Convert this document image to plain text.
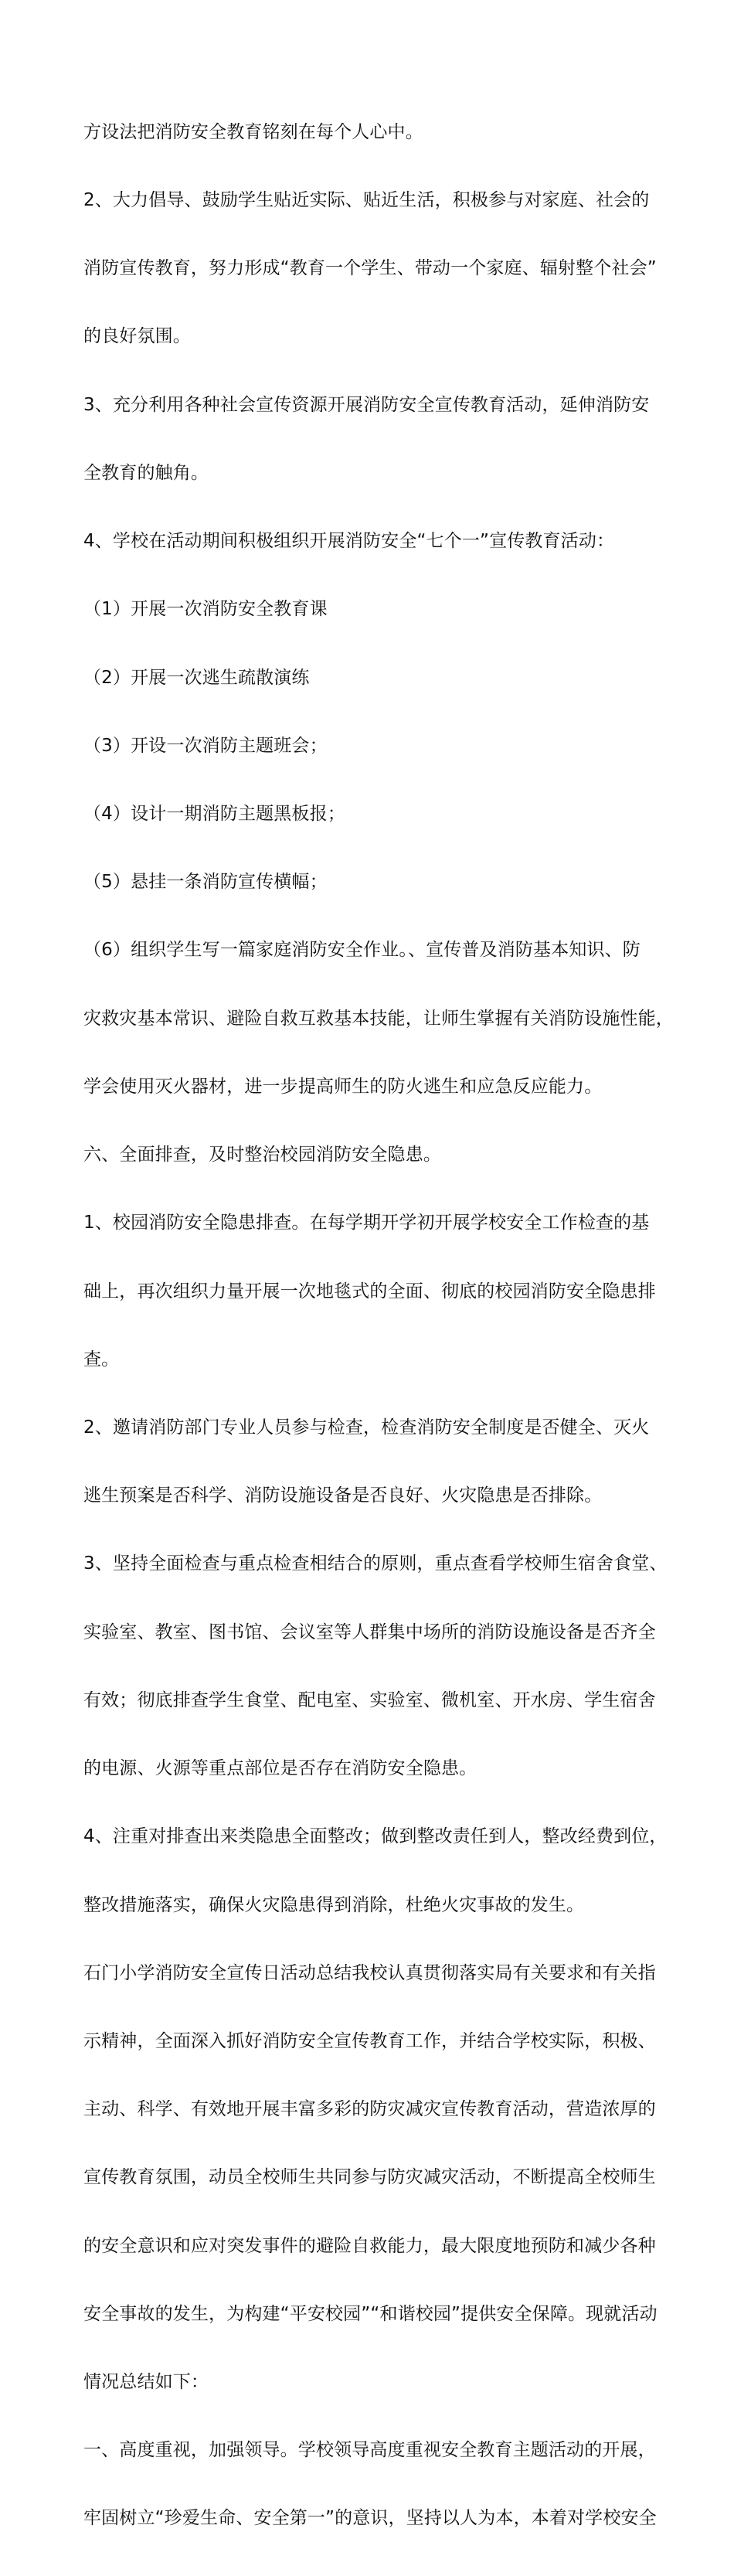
方设法把消防安全教育铭刻在每个人心中。

2、大力倡导、鼓励学生贴近实际、贴近生活，积极参与对家庭、社会的

消防宣传教育，努力形成“教育一个学生、带动一个家庭、辐射整个社会”

的良好氛围。

3、充分利用各种社会宣传资源开展消防安全宣传教育活动，延伸消防安

全教育的触角。

4、学校在活动期间积极组织开展消防安全“七个一”宣传教育活动：

（1）开展一次消防安全教育课

（2）开展一次逃生疏散演练

（3）开设一次消防主题班会；

（4）设计一期消防主题黑板报；

（5）悬挂一条消防宣传横幅；

（6）组织学生写一篇家庭消防安全作业。、宣传普及消防基本知识、防

灾救灾基本常识、避险自救互救基本技能，让师生掌握有关消防设施性能，

学会使用灭火器材，进一步提高师生的防火逃生和应急反应能力。

六、全面排查，及时整治校园消防安全隐患。

1、校园消防安全隐患排查。在每学期开学初开展学校安全工作检查的基

础上，再次组织力量开展一次地毯式的全面、彻底的校园消防安全隐患排

查。

2、邀请消防部门专业人员参与检查，检查消防安全制度是否健全、灭火

逃生预案是否科学、消防设施设备是否良好、火灾隐患是否排除。

3、坚持全面检查与重点检查相结合的原则，重点查看学校师生宿舍食堂、

实验室、教室、图书馆、会议室等人群集中场所的消防设施设备是否齐全

有效；彻底排查学生食堂、配电室、实验室、微机室、开水房、学生宿舍

的电源、火源等重点部位是否存在消防安全隐患。

4、注重对排查出来类隐患全面整改；做到整改责任到人，整改经费到位，

整改措施落实，确保火灾隐患得到消除，杜绝火灾事故的发生。

石门小学消防安全宣传日活动总结我校认真贯彻落实局有关要求和有关指

示精神，全面深入抓好消防安全宣传教育工作，并结合学校实际，积极、

主动、科学、有效地开展丰富多彩的防灾减灾宣传教育活动，营造浓厚的

宣传教育氛围，动员全校师生共同参与防灾减灾活动，不断提高全校师生

的安全意识和应对突发事件的避险自救能力，最大限度地预防和减少各种

安全事故的发生，为构建“平安校园”“和谐校园”提供安全保障。现就活动

情况总结如下：

一、高度重视，加强领导。学校领导高度重视安全教育主题活动的开展，

牢固树立“珍爱生命、安全第一”的意识，坚持以人为本，本着对学校安全
